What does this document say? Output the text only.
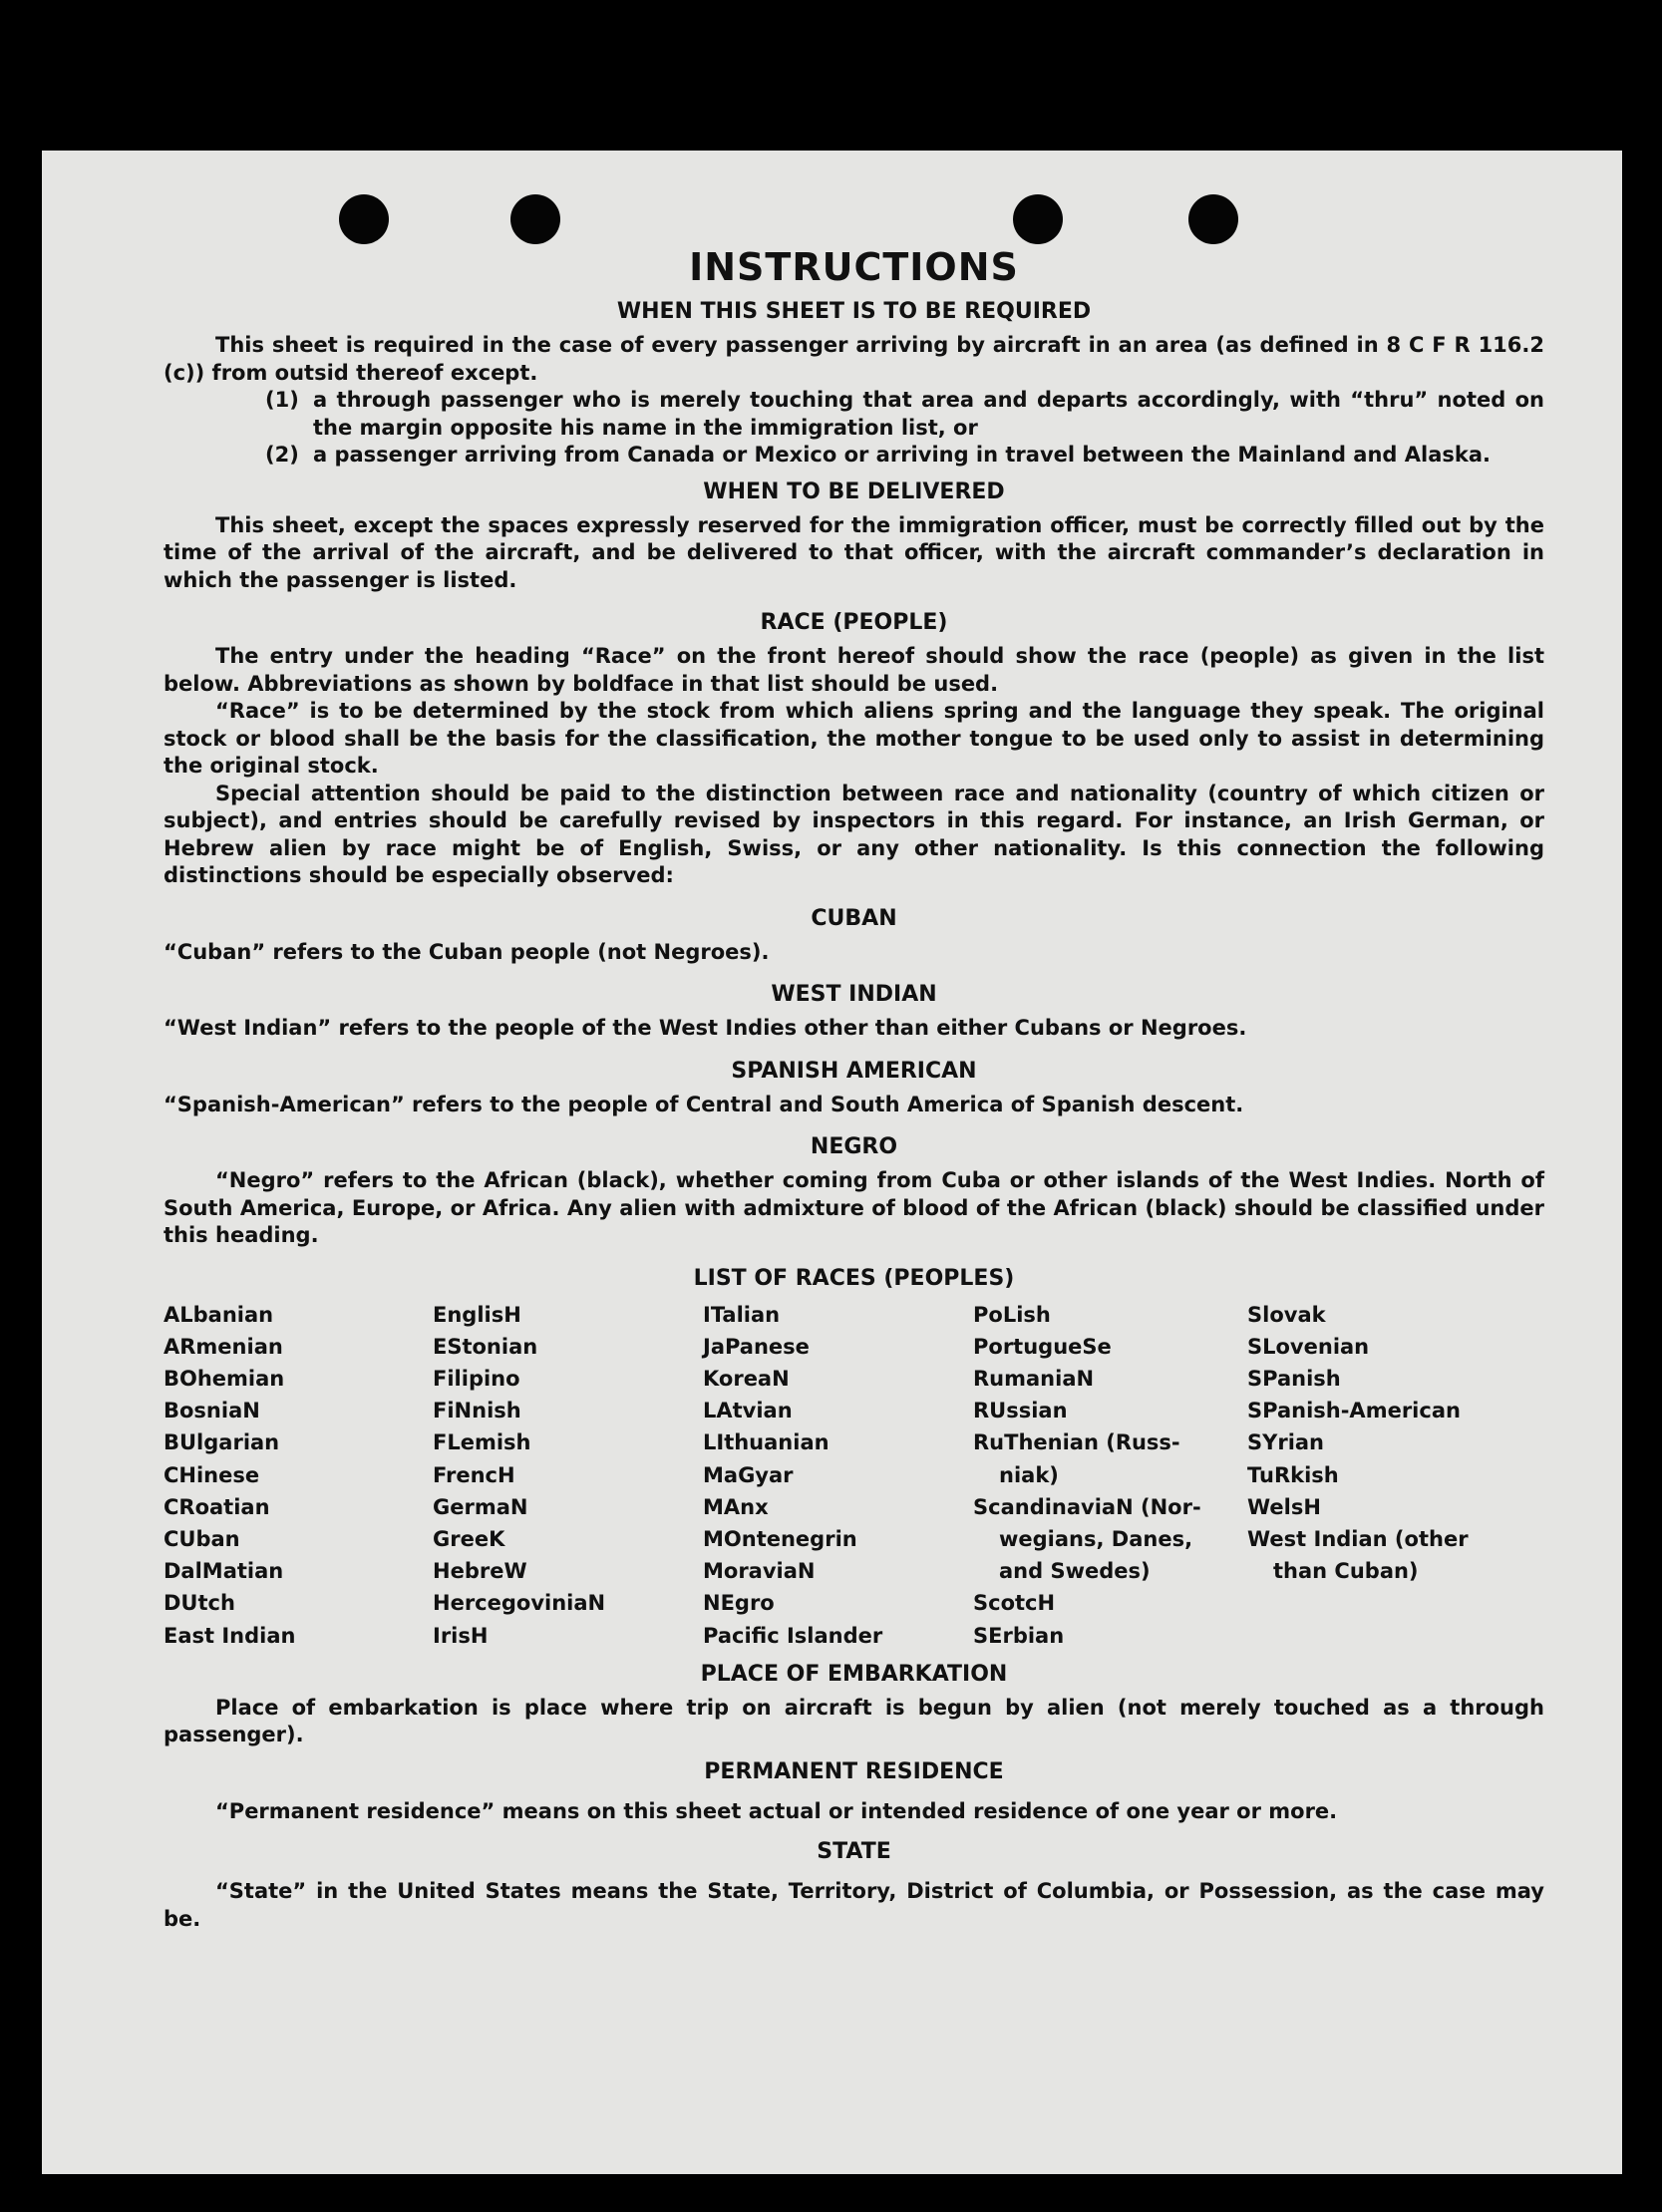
INSTRUCTIONS
WHEN THIS SHEET IS TO BE REQUIRED

This sheet is required in the case of every passenger arriving by aircraft in an area (as defined in 8 C F R 116.2 (c)) from outsid thereof except.

(1) a through passenger who is merely touching that area and departs accordingly, with “thru” noted on the margin opposite his name in the immigration list, or
(2) a passenger arriving from Canada or Mexico or arriving in travel between the Mainland and Alaska.
WHEN TO BE DELIVERED

This sheet, except the spaces expressly reserved for the immigration officer, must be correctly filled out by the time of the arrival of the aircraft, and be delivered to that officer, with the aircraft commander’s declaration in which the passenger is listed.

RACE (PEOPLE)

The entry under the heading “Race” on the front hereof should show the race (people) as given in the list below. Abbreviations as shown by boldface in that list should be used.

“Race” is to be determined by the stock from which aliens spring and the language they speak. The original stock or blood shall be the basis for the classification, the mother tongue to be used only to assist in determining the original stock.

Special attention should be paid to the distinction between race and nationality (country of which citizen or subject), and entries should be carefully revised by inspectors in this regard. For instance, an Irish German, or Hebrew alien by race might be of English, Swiss, or any other nationality. Is this connection the following distinctions should be especially observed:

CUBAN

“Cuban” refers to the Cuban people (not Negroes).

WEST INDIAN

“West Indian” refers to the people of the West Indies other than either Cubans or Negroes.

SPANISH AMERICAN

“Spanish-American” refers to the people of Central and South America of Spanish descent.

NEGRO

“Negro” refers to the African (black), whether coming from Cuba or other islands of the West Indies. North of South America, Europe, or Africa. Any alien with admixture of blood of the African (black) should be classified under this heading.

LIST OF RACES (PEOPLES)
ALbanian
ARmenian
BOhemian
BosniaN
BUlgarian
CHinese
CRoatian
CUban
DalMatian
DUtch
East Indian
EnglisH
EStonian
Filipino
FiNnish
FLemish
FrencH
GermaN
GreeK
HebreW
HercegoviniaN
IrisH
ITalian
JaPanese
KoreaN
LAtvian
LIthuanian
MaGyar
MAnx
MOntenegrin
MoraviaN
NEgro
Pacific Islander
PoLish
PortugueSe
RumaniaN
RUssian
RuThenian (Russ-
niak)
ScandinaviaN (Nor-
wegians, Danes,
and Swedes)
ScotcH
SErbian
Slovak
SLovenian
SPanish
SPanish-American
SYrian
TuRkish
WelsH
West Indian (other
than Cuban)
PLACE OF EMBARKATION

Place of embarkation is place where trip on aircraft is begun by alien (not merely touched as a through passenger).

PERMANENT RESIDENCE

“Permanent residence” means on this sheet actual or intended residence of one year or more.

STATE

“State” in the United States means the State, Territory, District of Columbia, or Possession, as the case may be.
